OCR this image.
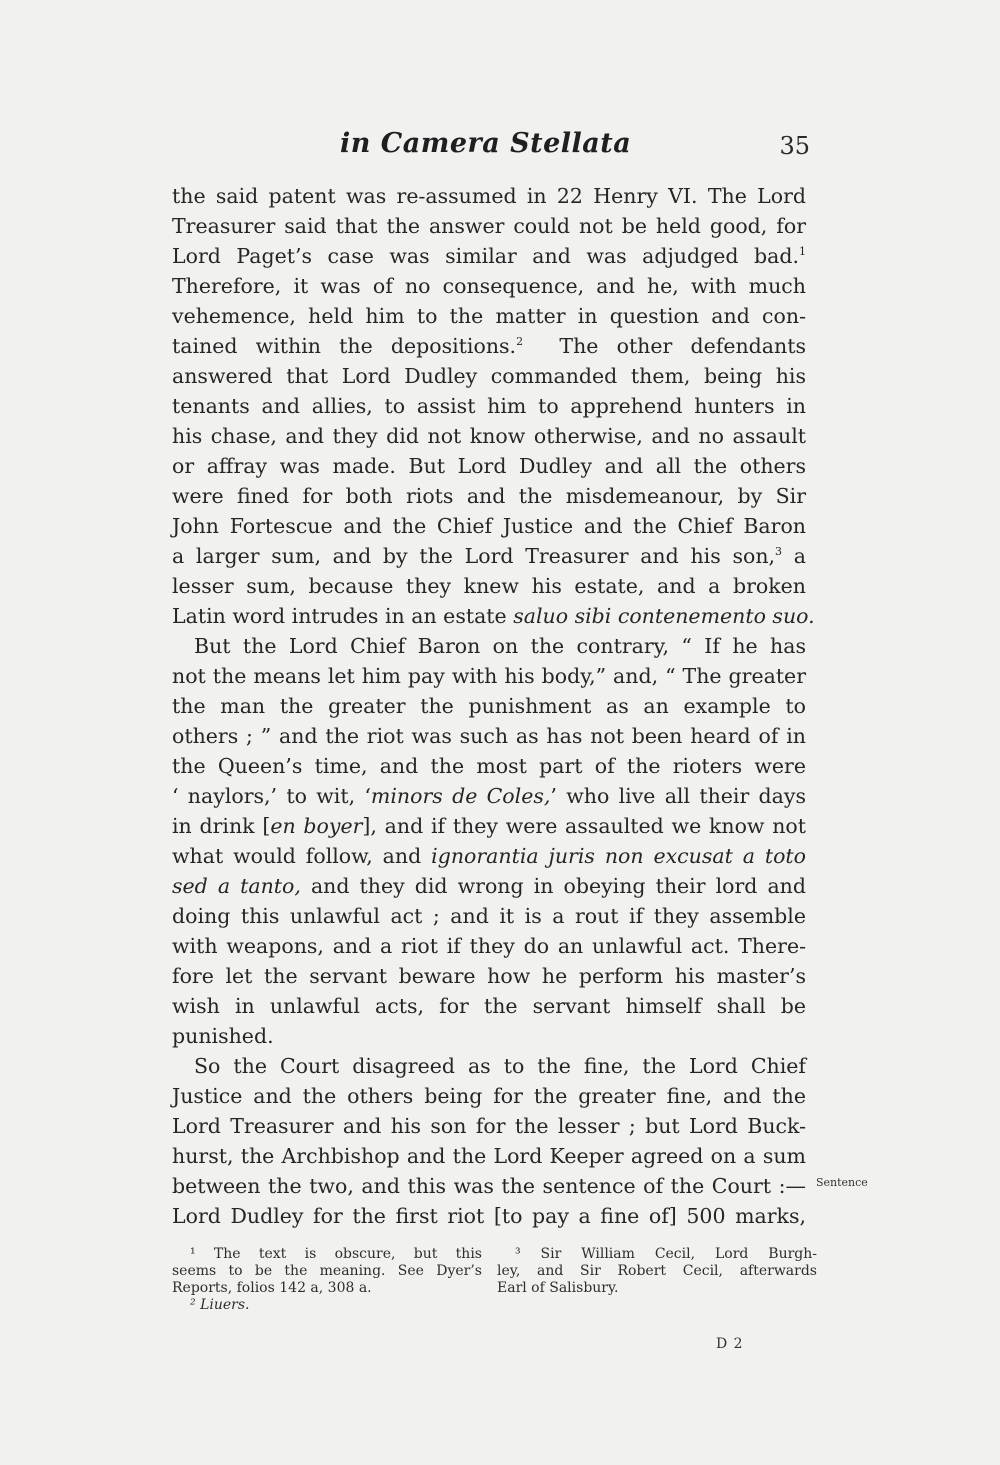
in Camera Stellata	35
the said patent was re-assumed in 22 Henry VI. The Lord
Treasurer said that the answer could not be held good, for
Lord Paget’s case was similar and was adjudged bad.$^1$
Therefore, it was of no consequence, and he, with much
vehemence, held him to the matter in question and con-
tained within the depositions.$^2$ The other defendants
answered that Lord Dudley commanded them, being his
tenants and allies, to assist him to apprehend hunters in
his chase, and they did not know otherwise, and no assault
or affray was made. But Lord Dudley and all the others
were fined for both riots and the misdemeanour, by Sir
John Fortescue and the Chief Justice and the Chief Baron
a larger sum, and by the Lord Treasurer and his son,$^3$ a
lesser sum, because they knew his estate, and a broken
Latin word intrudes in an estate saluo sibi contenemento suo.
But the Lord Chief Baron on the contrary, “ If he has
not the means let him pay with his body,” and, “ The greater
the man the greater the punishment as an example to
others ; ” and the riot was such as has not been heard of in
the Queen’s time, and the most part of the rioters were
‘ naylors,’ to wit, ‘minors de Coles,’ who live all their days
in drink [en boyer], and if they were assaulted we know not
what would follow, and ignorantia juris non excusat a toto
sed a tanto, and they did wrong in obeying their lord and
doing this unlawful act ; and it is a rout if they assemble
with weapons, and a riot if they do an unlawful act. There-
fore let the servant beware how he perform his master’s
wish in unlawful acts, for the servant himself shall be
punished.
So the Court disagreed as to the fine, the Lord Chief
Justice and the others being for the greater fine, and the
Lord Treasurer and his son for the lesser ; but Lord Buck-
hurst, the Archbishop and the Lord Keeper agreed on a sum
between the two, and this was the sentence of the Court :—
Lord Dudley for the first riot [to pay a fine of] 500 marks,
Sentence
¹ The text is obscure, but this
seems to be the meaning. See Dyer’s
Reports, folios 142 a, 308 a.
² Liuers.
³ Sir William Cecil, Lord Burgh-
ley, and Sir Robert Cecil, afterwards
Earl of Salisbury.
D 2
